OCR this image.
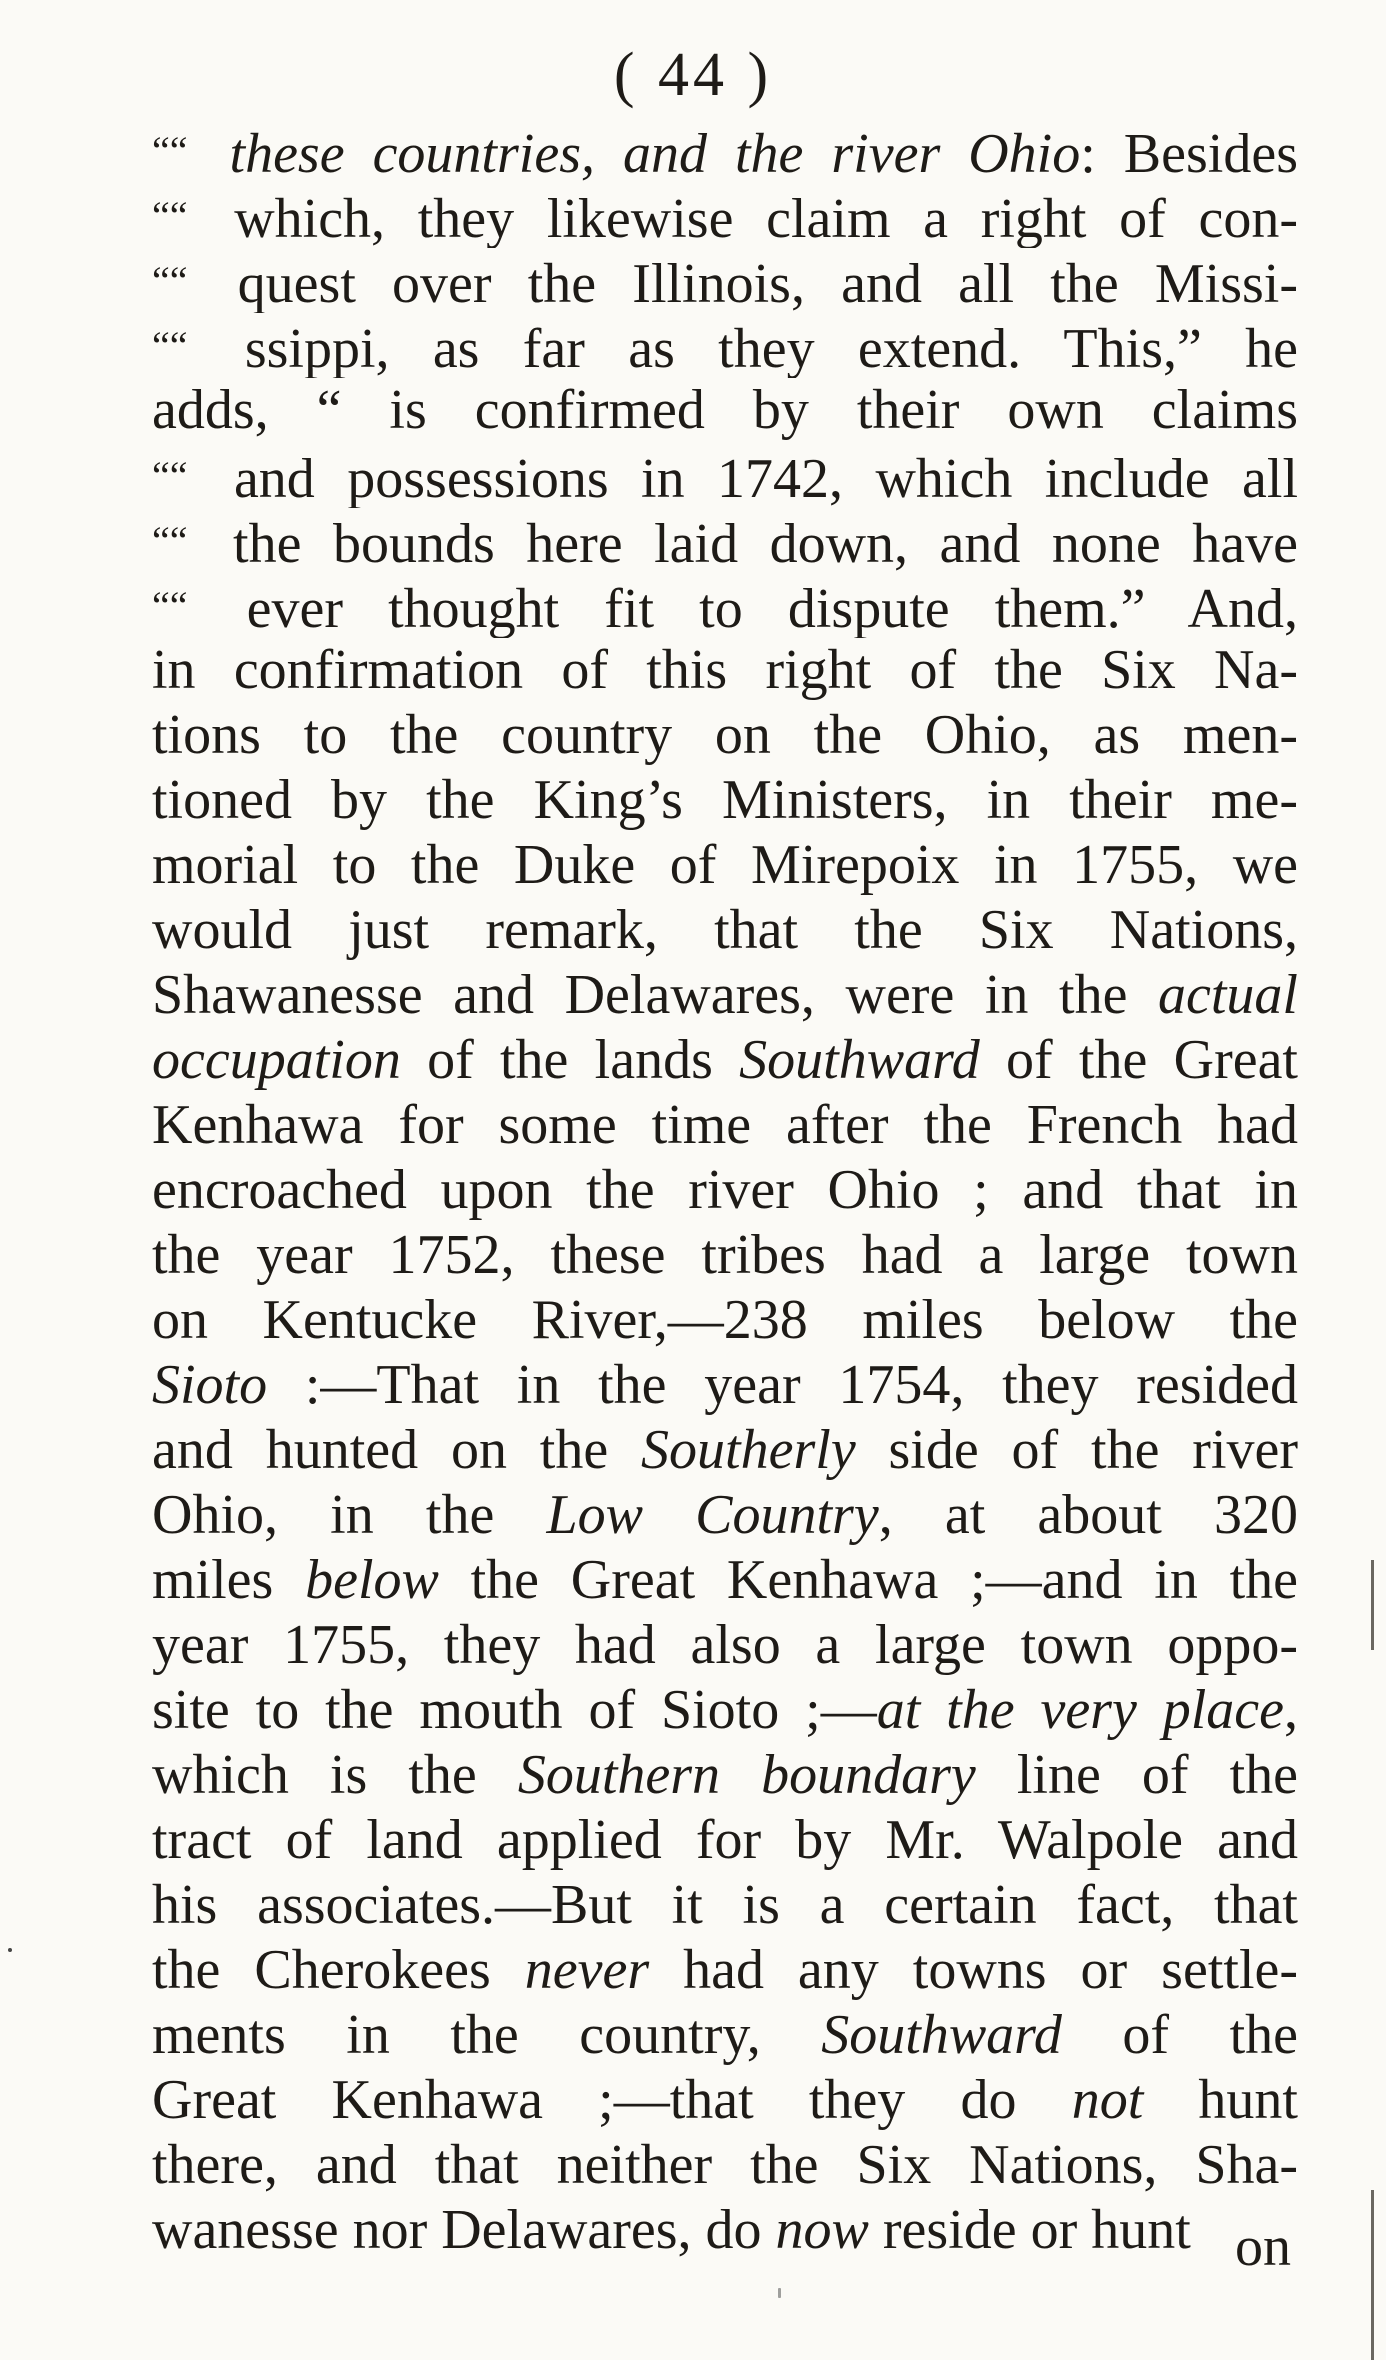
( 44 )
““ these countries, and the river Ohio: Besides
““ which, they likewise claim a right of con-
““ quest over the Illinois, and all the Missi-
““ ssippi, as far as they extend. This,” he
adds, “ is confirmed by their own claims
““ and possessions in 1742, which include all
““ the bounds here laid down, and none have
““ ever thought fit to dispute them.” And,
in confirmation of this right of the Six Na-
tions to the country on the Ohio, as men-
tioned by the King’s Ministers, in their me-
morial to the Duke of Mirepoix in 1755, we
would just remark, that the Six Nations,
Shawanesse and Delawares, were in the actual
occupation of the lands Southward of the Great
Kenhawa for some time after the French had
encroached upon the river Ohio ; and that in
the year 1752, these tribes had a large town
on Kentucke River,—238 miles below the
Sioto :—That in the year 1754, they resided
and hunted on the Southerly side of the river
Ohio, in the Low Country, at about 320
miles below the Great Kenhawa ;—and in the
year 1755, they had also a large town oppo-
site to the mouth of Sioto ;—at the very place,
which is the Southern boundary line of the
tract of land applied for by Mr. Walpole and
his associates.—But it is a certain fact, that
the Cherokees never had any towns or settle-
ments in the country, Southward of the
Great Kenhawa ;—that they do not hunt
there, and that neither the Six Nations, Sha-
wanesse nor Delawares, do now reside or hunt on
